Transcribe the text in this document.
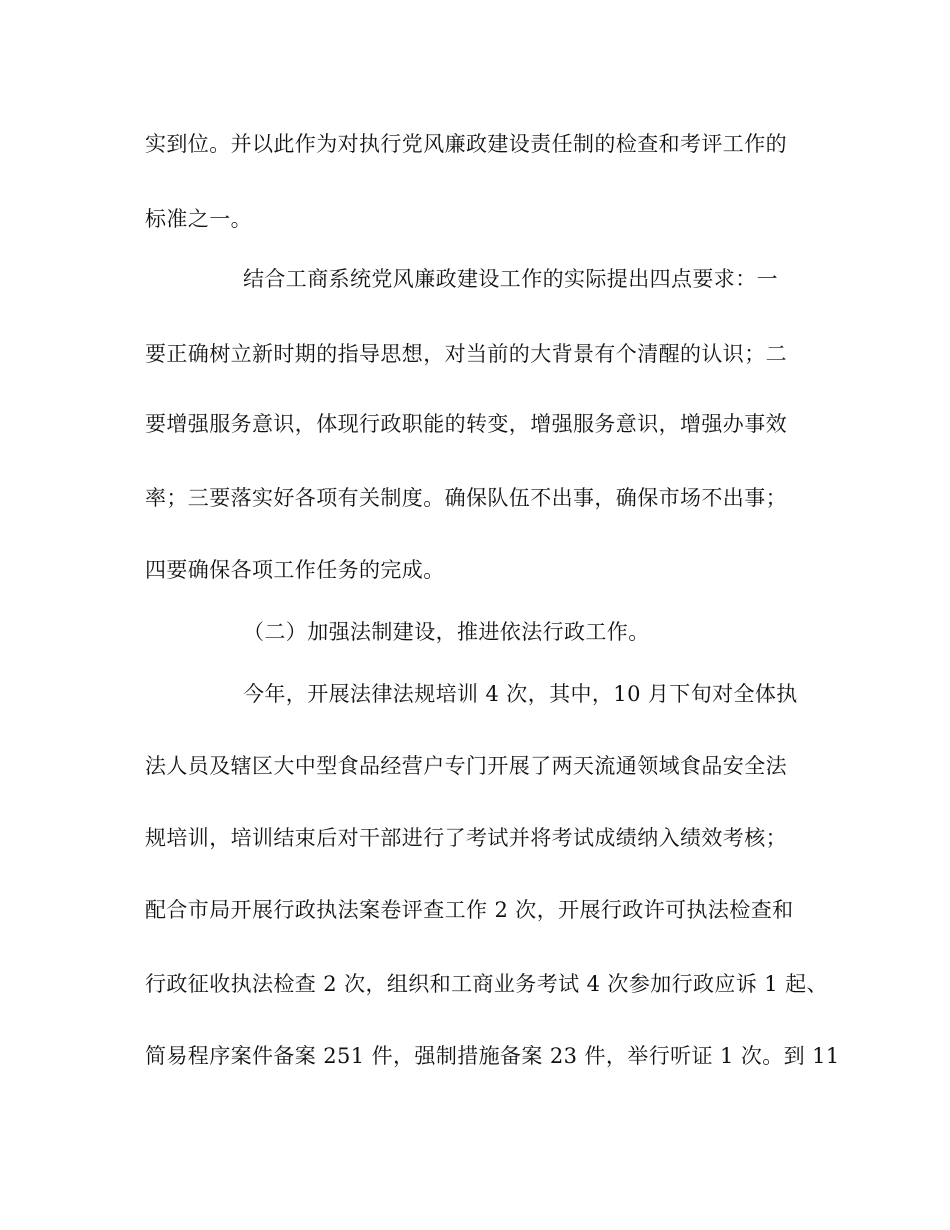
实到位。并以此作为对执行党风廉政建设责任制的检查和考评工作的
标准之一。
结合工商系统党风廉政建设工作的实际提出四点要求：一
要正确树立新时期的指导思想，对当前的大背景有个清醒的认识；二
要增强服务意识，体现行政职能的转变，增强服务意识，增强办事效
率；三要落实好各项有关制度。确保队伍不出事，确保市场不出事；
四要确保各项工作任务的完成。
（二）加强法制建设，推进依法行政工作。
今年，开展法律法规培训 4 次，其中，10 月下旬对全体执
法人员及辖区大中型食品经营户专门开展了两天流通领域食品安全法
规培训，培训结束后对干部进行了考试并将考试成绩纳入绩效考核；
配合市局开展行政执法案卷评查工作 2 次，开展行政许可执法检查和
行政征收执法检查 2 次，组织和工商业务考试 4 次参加行政应诉 1 起、
简易程序案件备案 251 件，强制措施备案 23 件，举行听证 1 次。到 11
